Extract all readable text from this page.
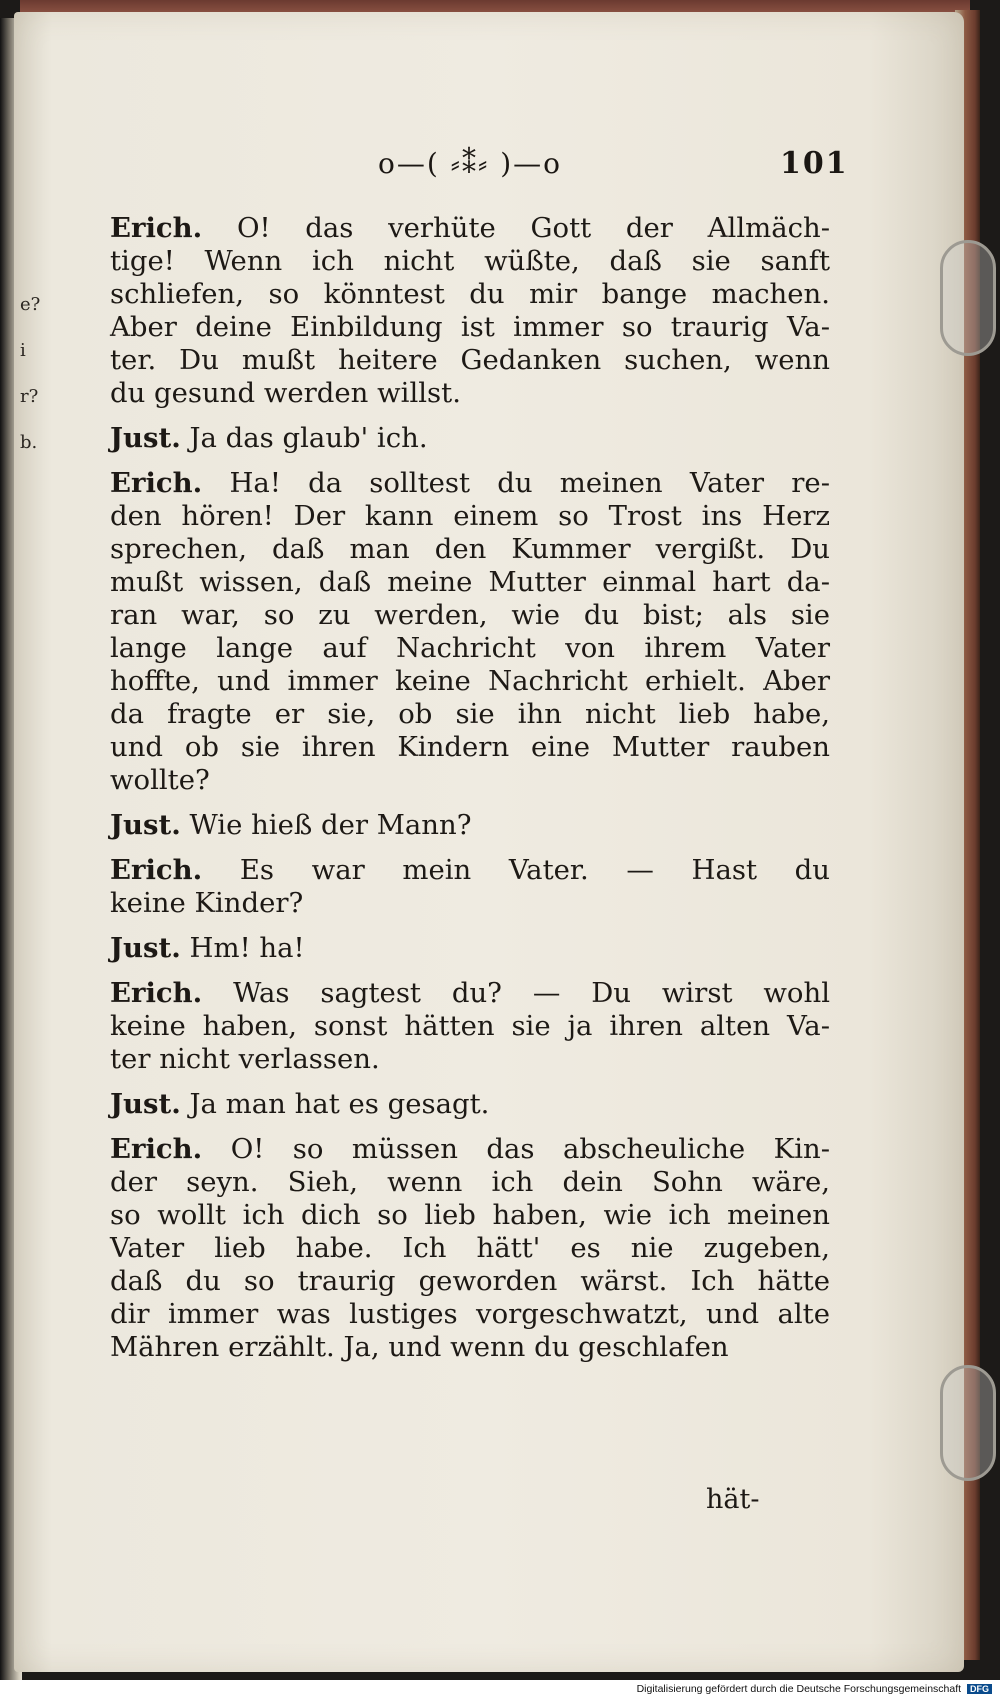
e?ir?b.
o—( ⸗⁑⸗ )—o	101
Erich. O! das verhüte Gott der Allmäch-
tige! Wenn ich nicht wüßte, daß sie sanft
schliefen, so könntest du mir bange machen.
Aber deine Einbildung ist immer so traurig Va-
ter. Du mußt heitere Gedanken suchen, wenn
du gesund werden willst.
Just. Ja das glaub' ich.
Erich. Ha! da solltest du meinen Vater re-
den hören! Der kann einem so Trost ins Herz
sprechen, daß man den Kummer vergißt. Du
mußt wissen, daß meine Mutter einmal hart da-
ran war, so zu werden, wie du bist; als sie
lange lange auf Nachricht von ihrem Vater
hoffte, und immer keine Nachricht erhielt. Aber
da fragte er sie, ob sie ihn nicht lieb habe,
und ob sie ihren Kindern eine Mutter rauben
wollte?
Just. Wie hieß der Mann?
Erich. Es war mein Vater. — Hast du
keine Kinder?
Just. Hm! ha!
Erich. Was sagtest du? — Du wirst wohl
keine haben, sonst hätten sie ja ihren alten Va-
ter nicht verlassen.
Just. Ja man hat es gesagt.
Erich. O! so müssen das abscheuliche Kin-
der seyn. Sieh, wenn ich dein Sohn wäre,
so wollt ich dich so lieb haben, wie ich meinen
Vater lieb habe. Ich hätt' es nie zugeben,
daß du so traurig geworden wärst. Ich hätte
dir immer was lustiges vorgeschwatzt, und alte
Mähren erzählt. Ja, und wenn du geschlafen
hät-
Digitalisierung gefördert durch die Deutsche Forschungsgemeinschaft DFG
